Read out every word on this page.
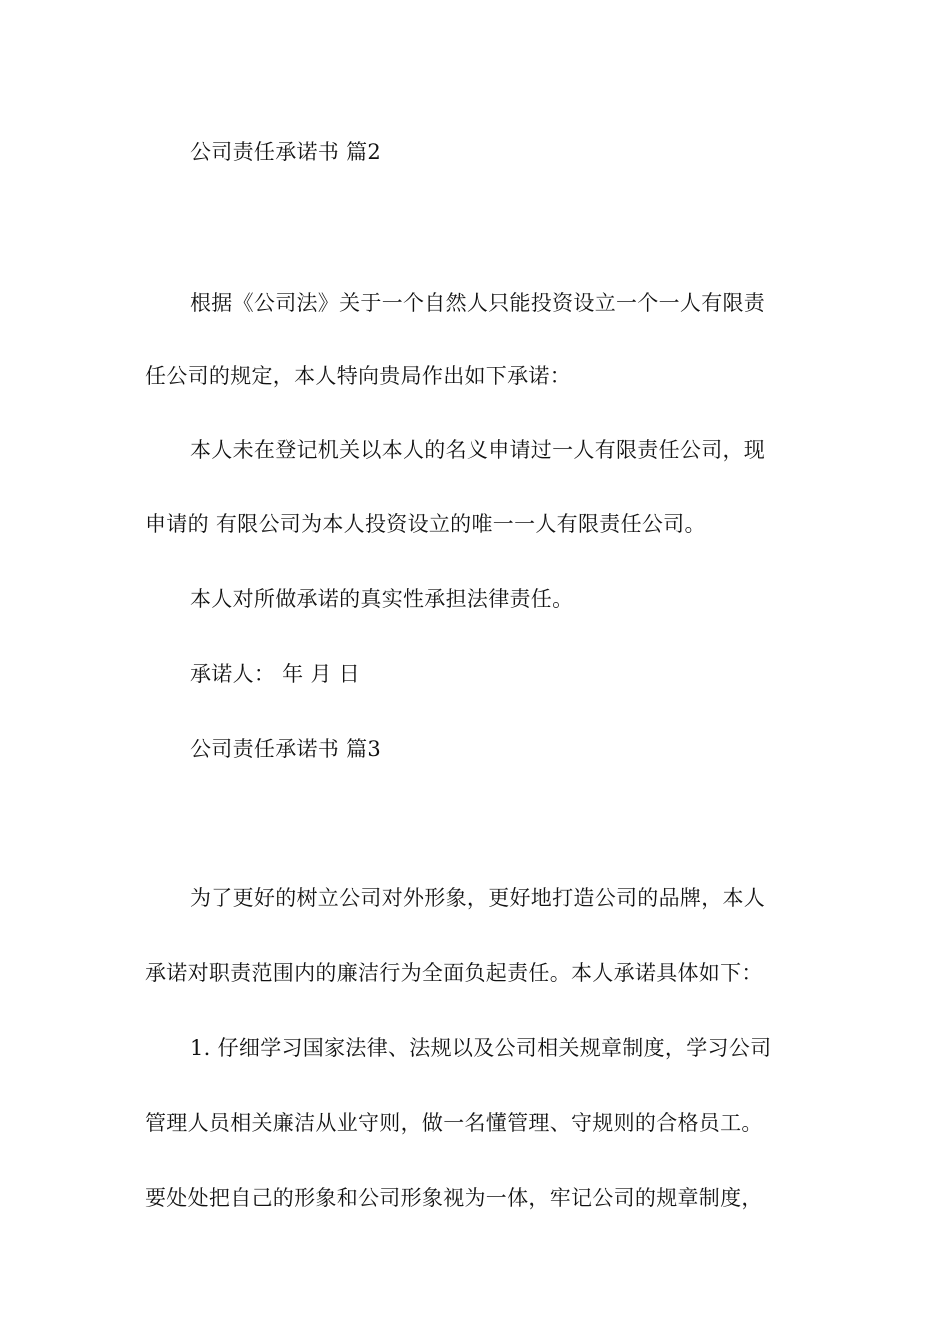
公司责任承诺书 篇2
根据《公司法》关于一个自然人只能投资设立一个一人有限责
任公司的规定，本人特向贵局作出如下承诺：
本人未在登记机关以本人的名义申请过一人有限责任公司，现
申请的 有限公司为本人投资设立的唯一一人有限责任公司。
本人对所做承诺的真实性承担法律责任。
承诺人： 年 月 日
公司责任承诺书 篇3
为了更好的树立公司对外形象，更好地打造公司的品牌，本人
承诺对职责范围内的廉洁行为全面负起责任。本人承诺具体如下：
1. 仔细学习国家法律、法规以及公司相关规章制度，学习公司
管理人员相关廉洁从业守则，做一名懂管理、守规则的合格员工。
要处处把自己的形象和公司形象视为一体，牢记公司的规章制度，
